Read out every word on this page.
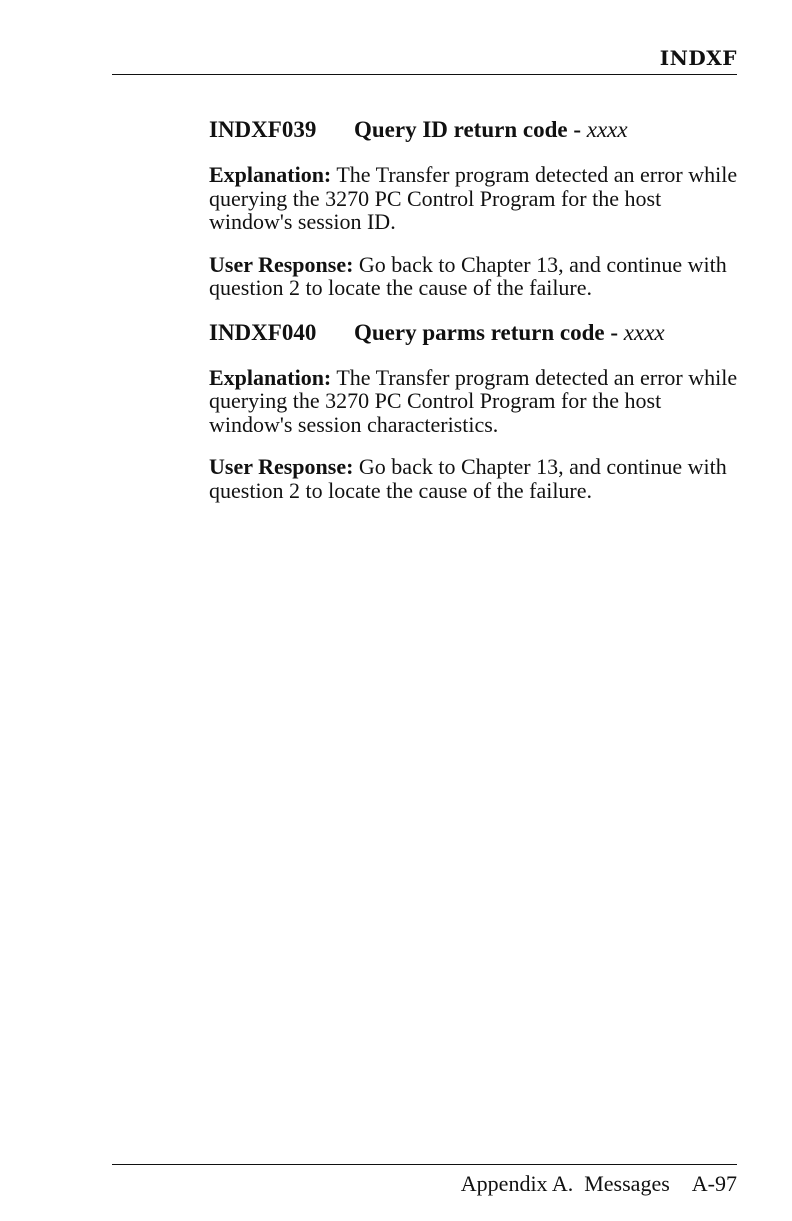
INDXF

INDXF039 Query ID return code - xxxx

Explanation: The Transfer program detected an error while querying the 3270 PC Control Program for the host window's session ID.

User Response: Go back to Chapter 13, and continue with question 2 to locate the cause of the failure.

INDXF040 Query parms return code - xxxx

Explanation: The Transfer program detected an error while querying the 3270 PC Control Program for the host window's session characteristics.

User Response: Go back to Chapter 13, and continue with question 2 to locate the cause of the failure.

Appendix A.  Messages A-97
